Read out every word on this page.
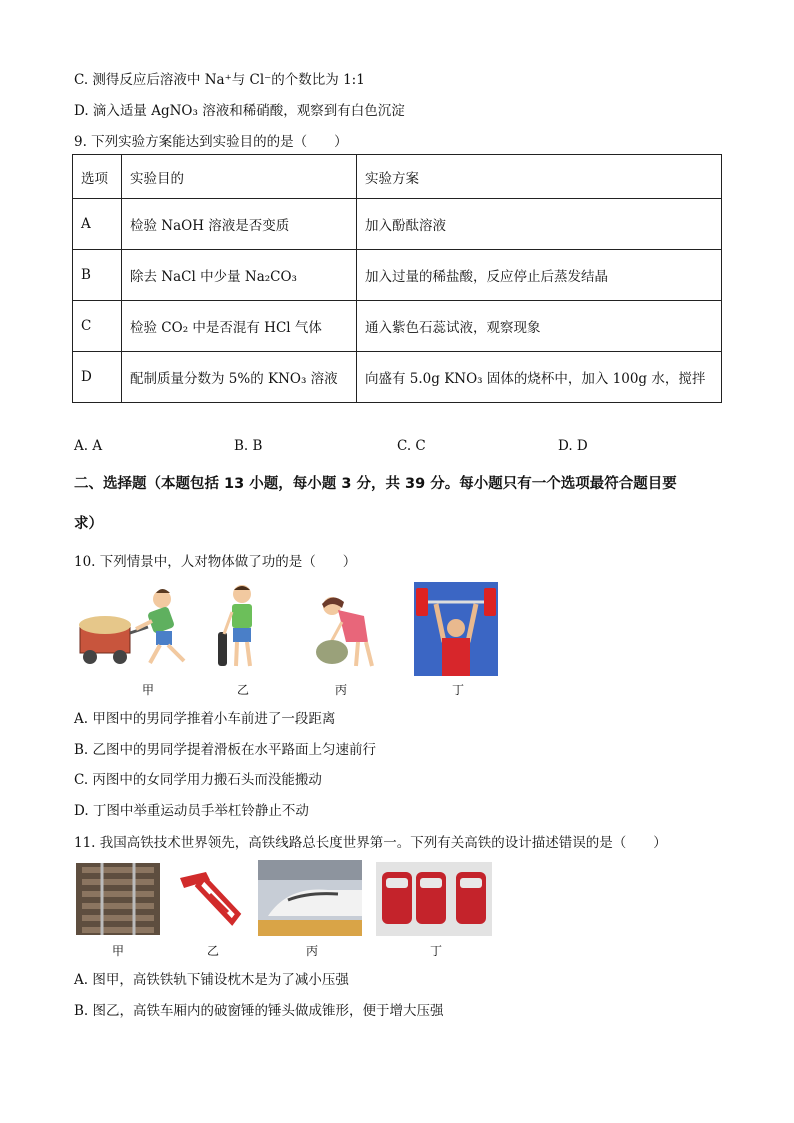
C. 测得反应后溶液中 Na⁺与 Cl⁻的个数比为 1:1
D. 滴入适量 AgNO₃ 溶液和稀硝酸，观察到有白色沉淀
9. 下列实验方案能达到实验目的的是（　　）
选项	实验目的	实验方案
A	检验 NaOH 溶液是否变质	加入酚酞溶液
B	除去 NaCl 中少量 Na₂CO₃	加入过量的稀盐酸，反应停止后蒸发结晶
C	检验 CO₂ 中是否混有 HCl 气体	通入紫色石蕊试液，观察现象
D	配制质量分数为 5%的 KNO₃ 溶液	向盛有 5.0g KNO₃ 固体的烧杯中，加入 100g 水，搅拌
A. A	B. B	C. C	D. D
二、选择题（本题包括 13 小题，每小题 3 分，共 39 分。每小题只有一个选项最符合题目要
求）
10. 下列情景中，人对物体做了功的是（　　）
甲	乙	丙	丁
A. 甲图中的男同学推着小车前进了一段距离
B. 乙图中的男同学提着滑板在水平路面上匀速前行
C. 丙图中的女同学用力搬石头而没能搬动
D. 丁图中举重运动员手举杠铃静止不动
11. 我国高铁技术世界领先，高铁线路总长度世界第一。下列有关高铁的设计描述错误的是（　　）
甲	乙	丙	丁
A. 图甲，高铁铁轨下铺设枕木是为了减小压强
B. 图乙，高铁车厢内的破窗锤的锤头做成锥形，便于增大压强
